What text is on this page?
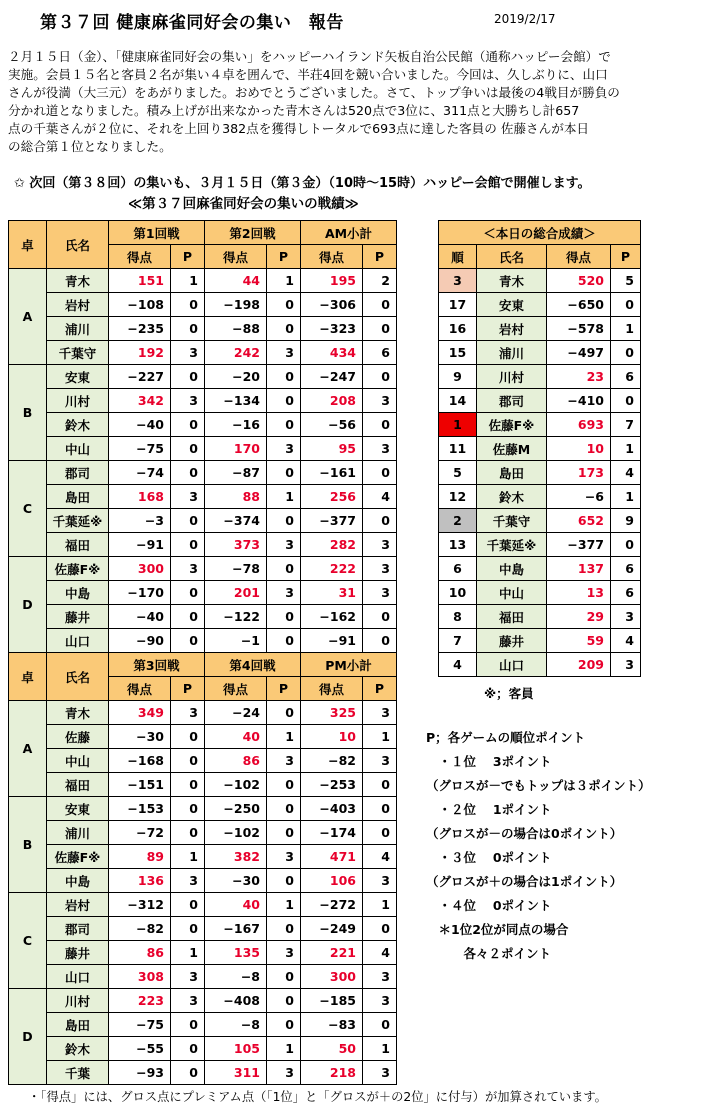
第３７回 健康麻雀同好会の集い　報告	2019/2/17

２月１５日（金）、「健康麻雀同好会の集い」をハッピーハイランド矢板自治公民館（通称ハッピー会館）で
実施。会員１５名と客員２名が集い４卓を囲んで、半荘4回を競い合いました。今回は、久しぶりに、山口
さんが役満（大三元）をあがりました。おめでとうございました。さて、トップ争いは最後の4戦目が勝負の
分かれ道となりました。積み上げが出来なかった青木さんは520点で3位に、311点と大勝ちし計657
点の千葉さんが２位に、それを上回り382点を獲得しトータルで693点に達した客員の 佐藤さんが本日
の総合第１位となりました。

✩ 次回（第３８回）の集いも、３月１５日（第３金）（10時～15時）ハッピー会館で開催します。
≪第３７回麻雀同好会の集いの戦績≫
卓	氏名	第1回戦		第2回戦		AM小計	
		得点	P	得点	P	得点	P
A	青木	151	1	44	1	195	2
	岩村	−108	0	−198	0	−306	0
	浦川	−235	0	−88	0	−323	0
	千葉守	192	3	242	3	434	6
B	安東	−227	0	−20	0	−247	0
	川村	342	3	−134	0	208	3
	鈴木	−40	0	−16	0	−56	0
	中山	−75	0	170	3	95	3
C	郡司	−74	0	−87	0	−161	0
	島田	168	3	88	1	256	4
	千葉延※	−3	0	−374	0	−377	0
	福田	−91	0	373	3	282	3
D	佐藤F※	300	3	−78	0	222	3
	中島	−170	0	201	3	31	3
	藤井	−40	0	−122	0	−162	0
	山口	−90	0	−1	0	−91	0
卓	氏名	第3回戦		第4回戦		PM小計	
		得点	P	得点	P	得点	P
A	青木	349	3	−24	0	325	3
	佐藤	−30	0	40	1	10	1
	中山	−168	0	86	3	−82	3
	福田	−151	0	−102	0	−253	0
B	安東	−153	0	−250	0	−403	0
	浦川	−72	0	−102	0	−174	0
	佐藤F※	89	1	382	3	471	4
	中島	136	3	−30	0	106	3
C	岩村	−312	0	40	1	−272	1
	郡司	−82	0	−167	0	−249	0
	藤井	86	1	135	3	221	4
	山口	308	3	−8	0	300	3
D	川村	223	3	−408	0	−185	3
	島田	−75	0	−8	0	−83	0
	鈴木	−55	0	105	1	50	1
	千葉	−93	0	311	3	218	3
＜本日の総合成績＞			
順	氏名	得点	P
3	青木	520	5
17	安東	−650	0
16	岩村	−578	1
15	浦川	−497	0
9	川村	23	6
14	郡司	−410	0
1	佐藤F※	693	7
11	佐藤M	10	1
5	島田	173	4
12	鈴木	−6	1
2	千葉守	652	9
13	千葉延※	−377	0
6	中島	137	6
10	中山	13	6
8	福田	29	3
7	藤井	59	4
4	山口	209	3
※；客員
P；各ゲームの順位ポイント
　・１位　 3ポイント
（グロスが－でもトップは３ポイント）
　・２位　 1ポイント
（グロスが－の場合は0ポイント）
　・３位　 0ポイント
（グロスが＋の場合は1ポイント）
　・４位　 0ポイント
　＊1位2位が同点の場合
　　　各々２ポイント
・「得点」には、グロス点にプレミアム点（「1位」と「グロスが＋の2位」に付与）が加算されています。
